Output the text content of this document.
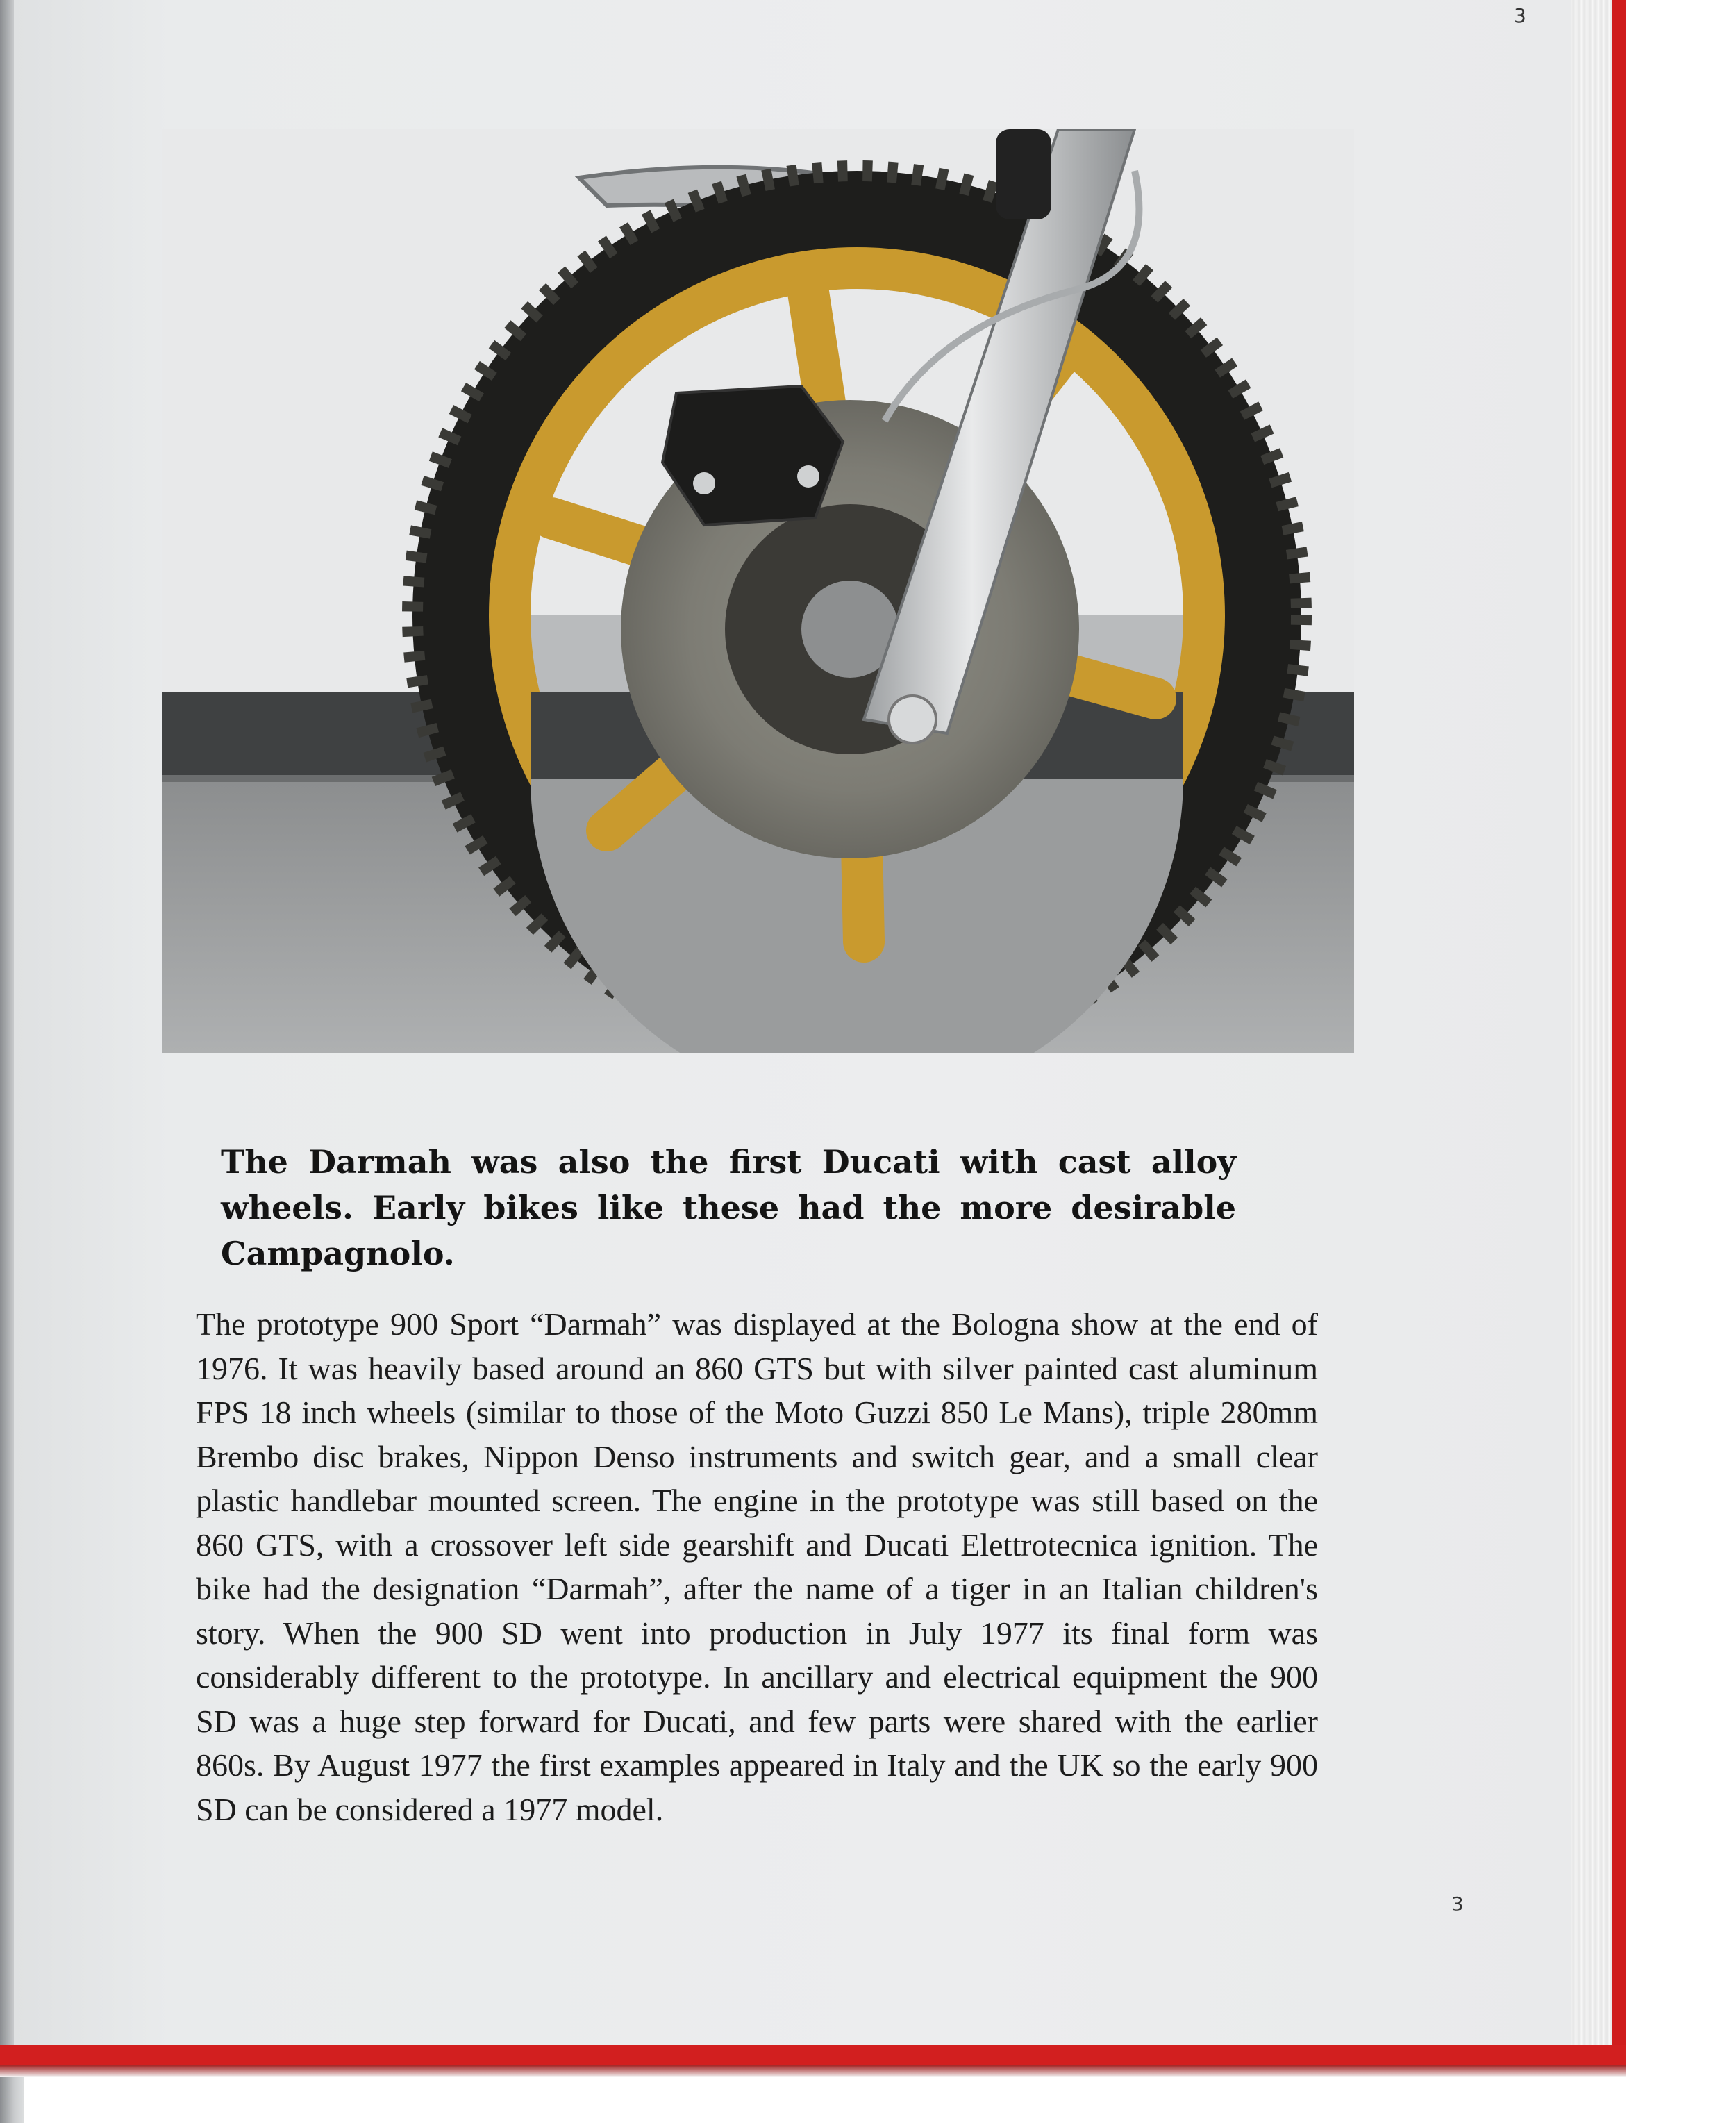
3

The Darmah was also the first Ducati with cast alloy wheels. Early bikes like these had the more desirable Campagnolo.

The prototype 900 Sport “Darmah” was displayed at the Bologna show at the end of 1976. It was heavily based around an 860 GTS but with silver painted cast aluminum FPS 18 inch wheels (similar to those of the Moto Guzzi 850 Le Mans), triple 280mm Brembo disc brakes, Nippon Denso instruments and switch gear, and a small clear plastic handlebar mounted screen. The engine in the prototype was still based on the 860 GTS, with a crossover left side gearshift and Ducati Elettrotecnica ignition. The bike had the designation “Darmah”, after the name of a tiger in an Italian children's story. When the 900 SD went into production in July 1977 its final form was considerably different to the prototype. In ancillary and electrical equipment the 900 SD was a huge step forward for Ducati, and few parts were shared with the earlier 860s. By August 1977 the first examples appeared in Italy and the UK so the early 900 SD can be considered a 1977 model.

3
